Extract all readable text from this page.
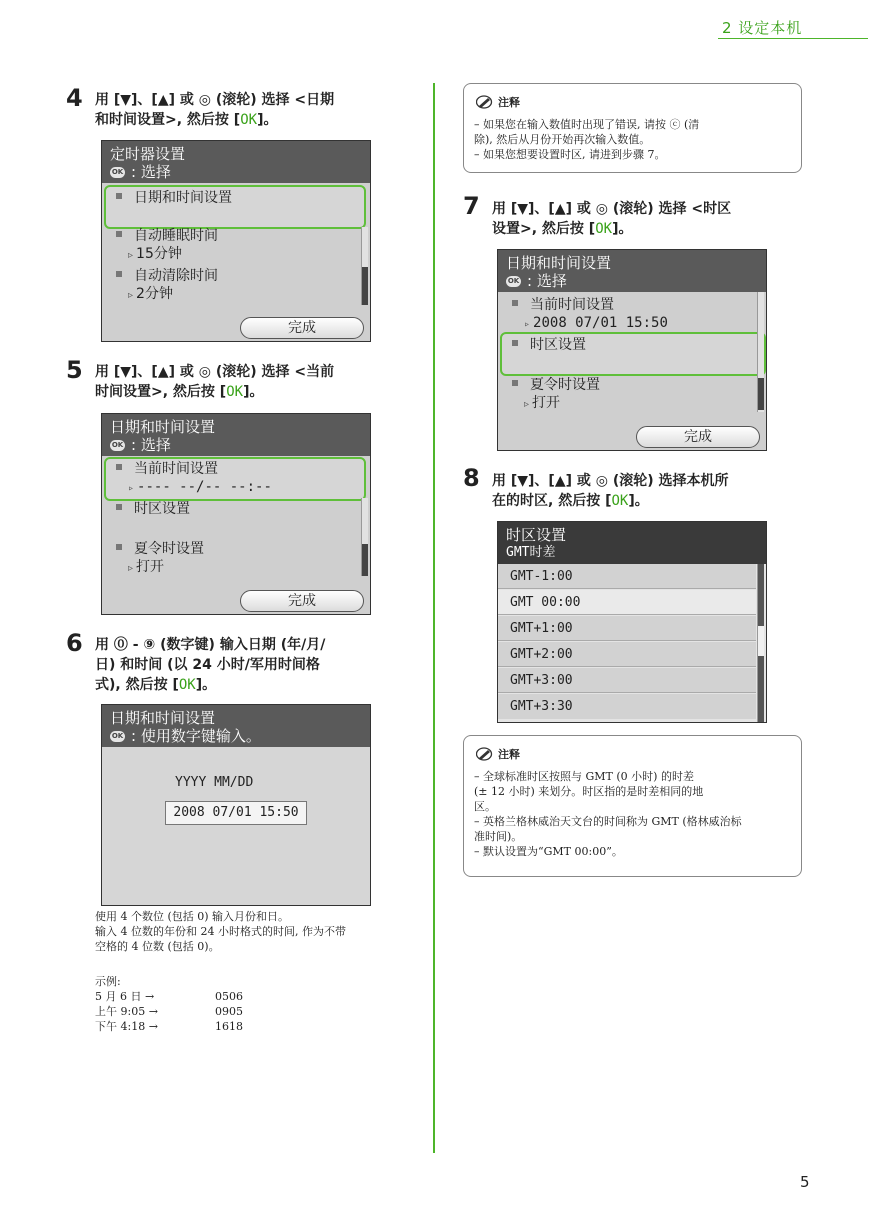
2 设定本机
5
4 用 [▼]、[▲] 或 ◎ (滚轮) 选择 <日期
和时间设置>, 然后按 [OK]。
定时器设置
OK : 选择
日期和时间设置
自动睡眠时间
▹ 15分钟
自动清除时间
▹ 2分钟
完成
5 用 [▼]、[▲] 或 ◎ (滚轮) 选择 <当前
时间设置>, 然后按 [OK]。
日期和时间设置
OK : 选择
当前时间设置
▹ ---- --/-- --:--
时区设置
夏令时设置
▹ 打开
完成
6 用 ⓪ - ⑨ (数字键) 输入日期 (年/月/
日) 和时间 (以 24 小时/军用时间格
式), 然后按 [OK]。
日期和时间设置
OK : 使用数字键输入。
YYYY MM/DD
2008 07/01 15:50
使用 4 个数位 (包括 0) 输入月份和日。
输入 4 位数的年份和 24 小时格式的时间, 作为不带
空格的 4 位数 (包括 0)。
示例:
5 月 6 日 →	0506
上午 9:05 →	0905
下午 4:18 →	1618
注释
– 如果您在输入数值时出现了错误, 请按 ⓒ (清
除), 然后从月份开始再次输入数值。
– 如果您想要设置时区, 请进到步骤 7。
7 用 [▼]、[▲] 或 ◎ (滚轮) 选择 <时区
设置>, 然后按 [OK]。
日期和时间设置
OK : 选择
当前时间设置
▹ 2008 07/01 15:50
时区设置
夏令时设置
▹ 打开
完成
8 用 [▼]、[▲] 或 ◎ (滚轮) 选择本机所
在的时区, 然后按 [OK]。
时区设置
GMT时差
GMT-1:00
GMT 00:00
GMT+1:00
GMT+2:00
GMT+3:00
GMT+3:30
注释
– 全球标准时区按照与 GMT (0 小时) 的时差
(± 12 小时) 来划分。时区指的是时差相同的地
区。
– 英格兰格林威治天文台的时间称为 GMT (格林威治标
准时间)。
– 默认设置为“GMT 00:00”。
